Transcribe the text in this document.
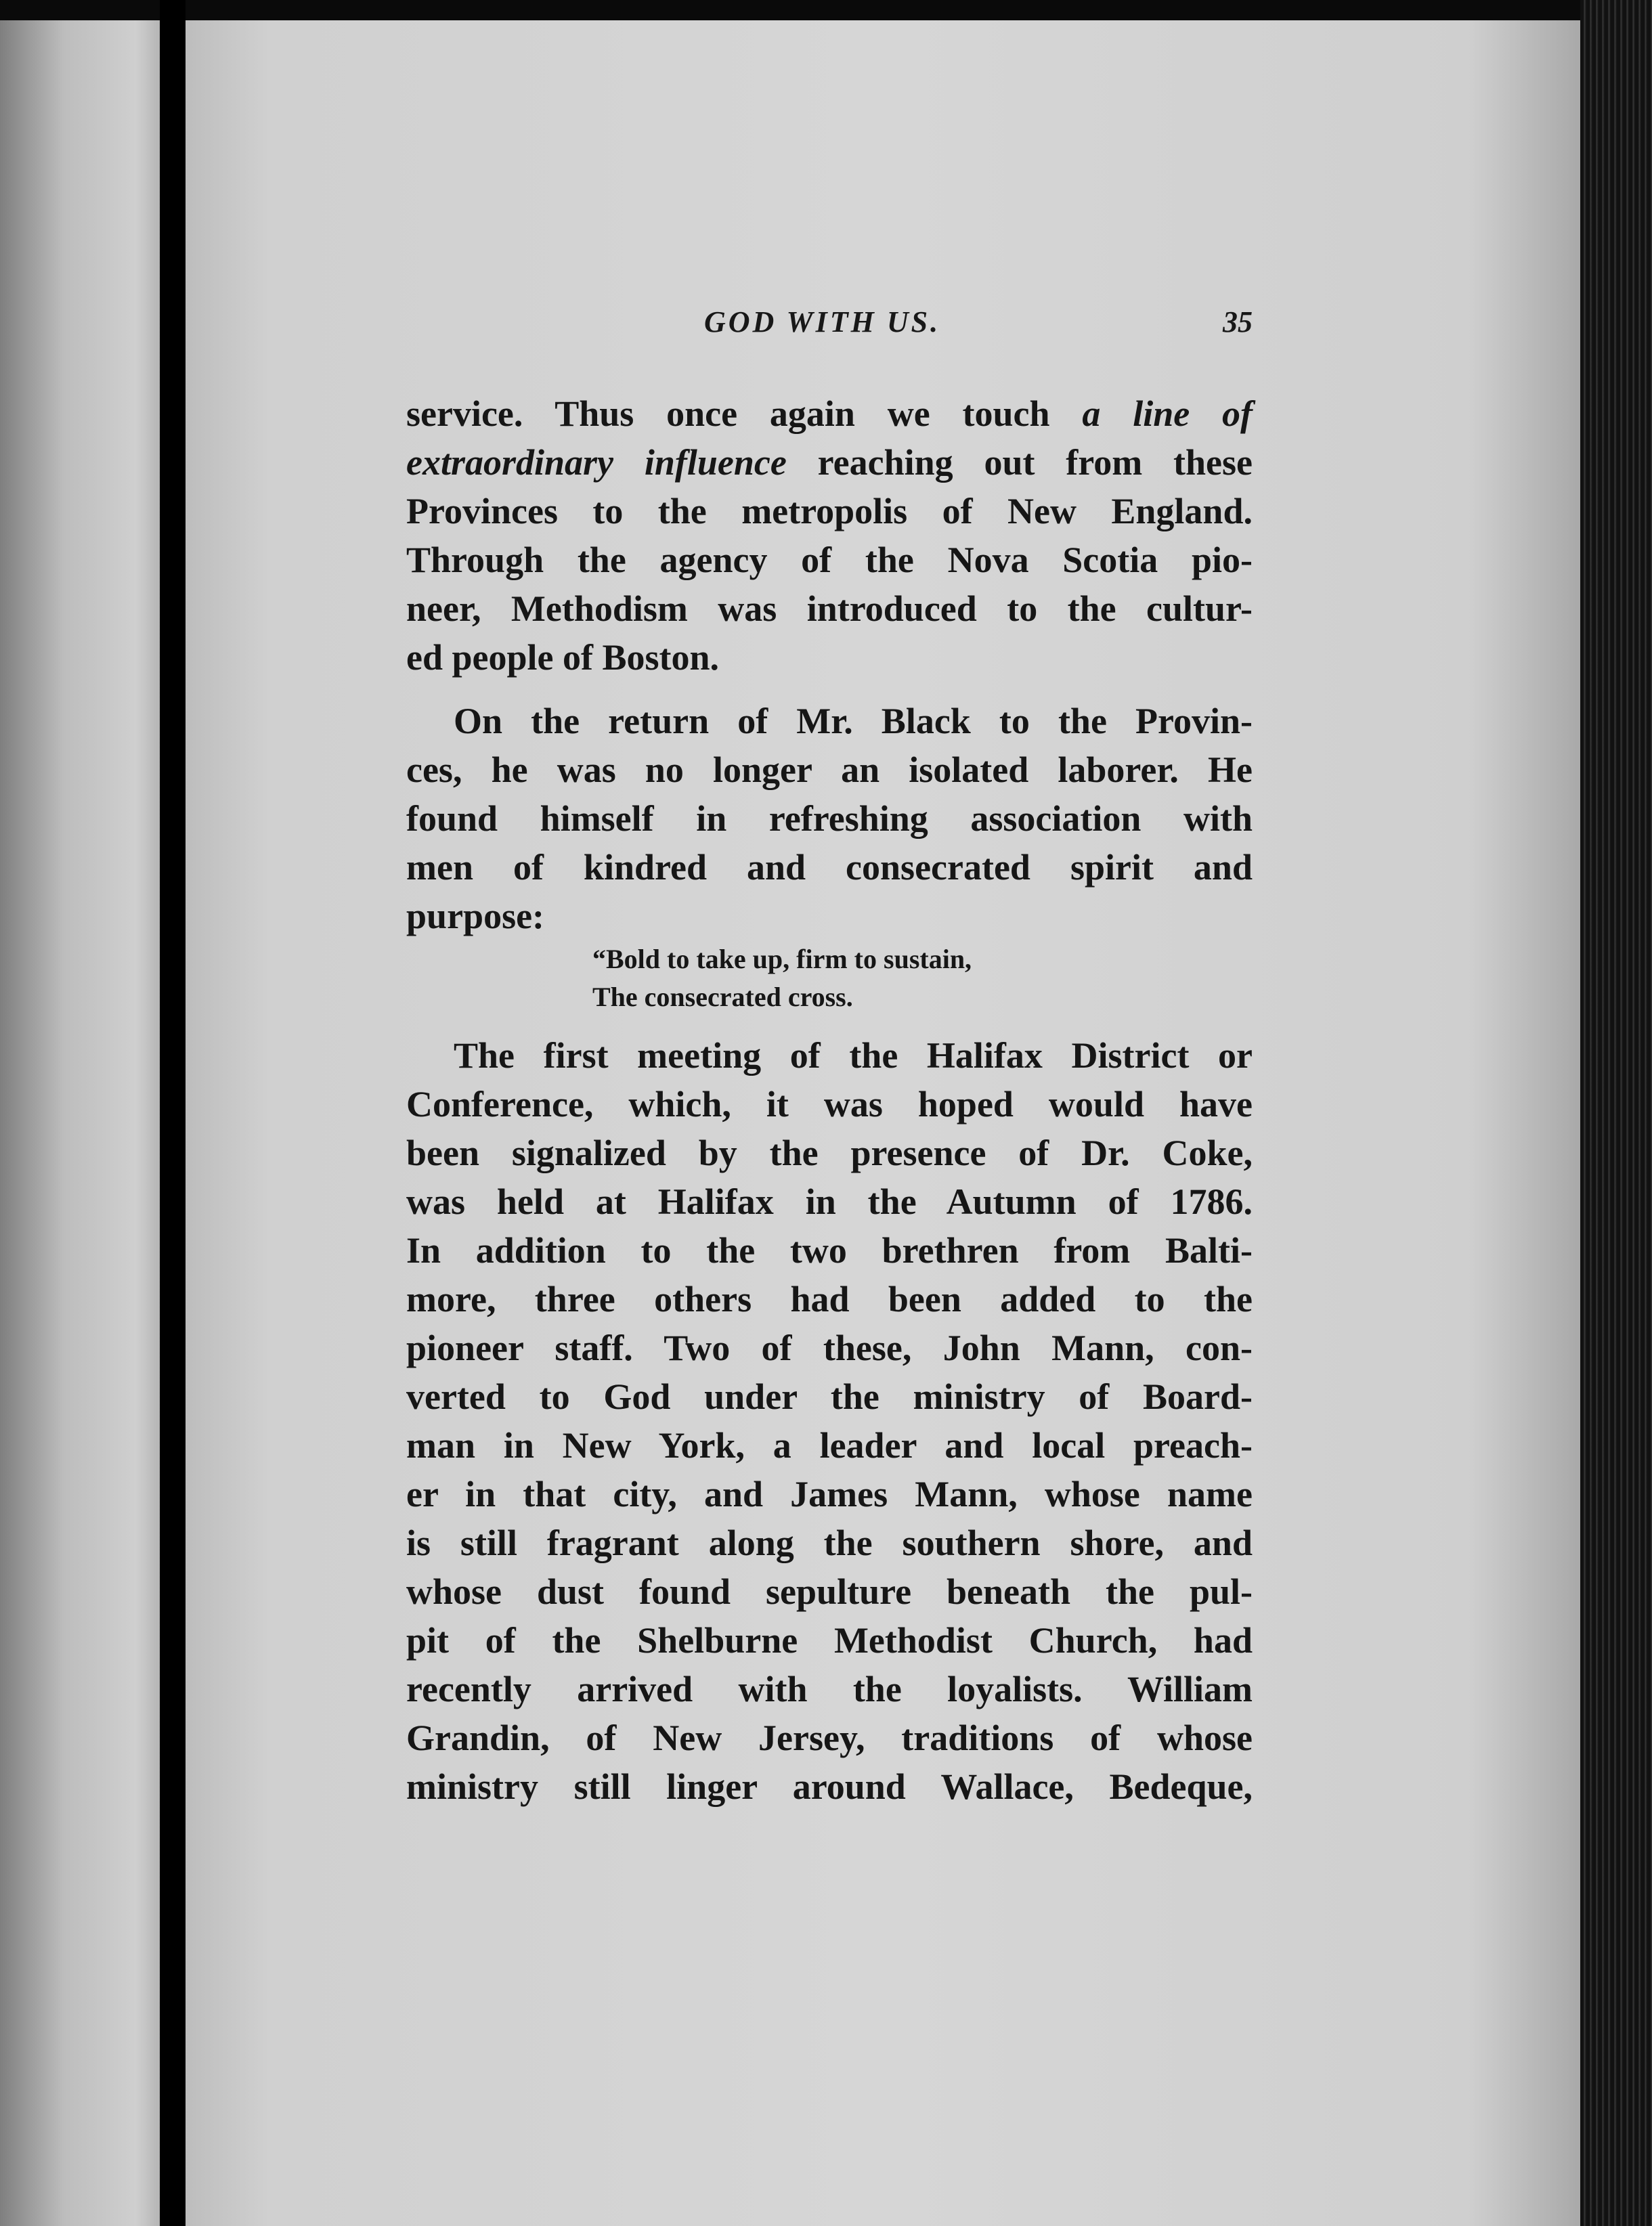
GOD WITH US.	35
service. Thus once again we touch a line of
extraordinary influence reaching out from these
Provinces to the metropolis of New England.
Through the agency of the Nova Scotia pio-
neer, Methodism was introduced to the cultur-
ed people of Boston.
On the return of Mr. Black to the Provin-
ces, he was no longer an isolated laborer. He
found himself in refreshing association with
men of kindred and consecrated spirit and
purpose:
“Bold to take up, firm to sustain,
The consecrated cross.
The first meeting of the Halifax District or
Conference, which, it was hoped would have
been signalized by the presence of Dr. Coke,
was held at Halifax in the Autumn of 1786.
In addition to the two brethren from Balti-
more, three others had been added to the
pioneer staff. Two of these, John Mann, con-
verted to God under the ministry of Board-
man in New York, a leader and local preach-
er in that city, and James Mann, whose name
is still fragrant along the southern shore, and
whose dust found sepulture beneath the pul-
pit of the Shelburne Methodist Church, had
recently arrived with the loyalists. William
Grandin, of New Jersey, traditions of whose
ministry still linger around Wallace, Bedeque,
